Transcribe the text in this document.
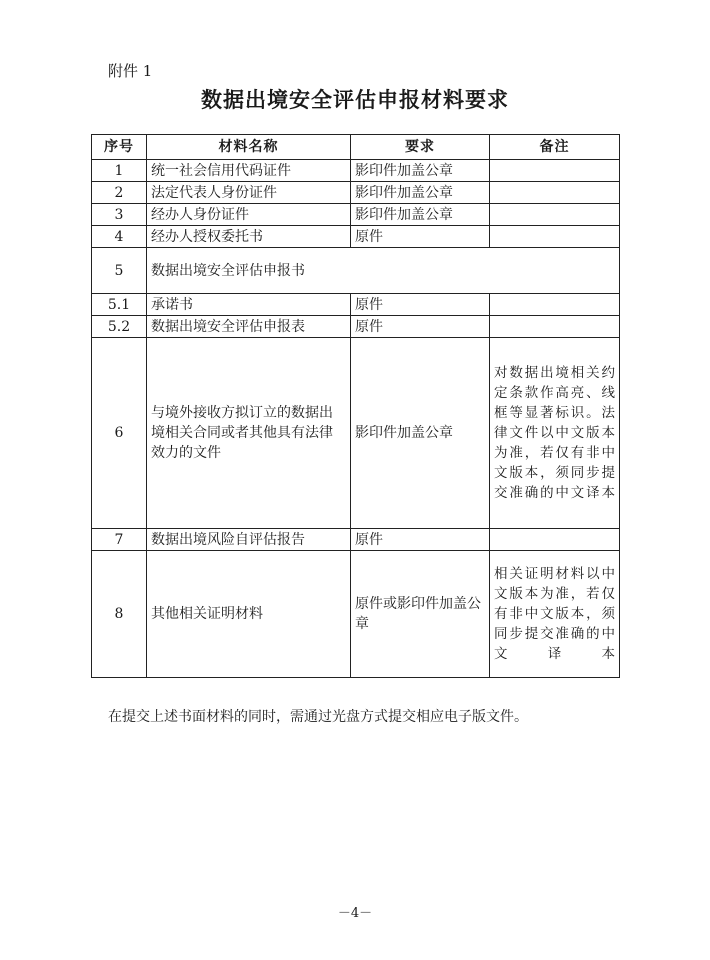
附件 1
数据出境安全评估申报材料要求
序号	材料名称	要求	备注
1	统一社会信用代码证件	影印件加盖公章	
2	法定代表人身份证件	影印件加盖公章	
3	经办人身份证件	影印件加盖公章	
4	经办人授权委托书	原件	
5	数据出境安全评估申报书		
5.1	承诺书	原件	
5.2	数据出境安全评估申报表	原件	
6	与境外接收方拟订立的数据出境相关合同或者其他具有法律效力的文件	影印件加盖公章	对数据出境相关约定条款作高亮、线框等显著标识。法律文件以中文版本为准，若仅有非中文版本，须同步提交准确的中文译本
7	数据出境风险自评估报告	原件	
8	其他相关证明材料	原件或影印件加盖公章	相关证明材料以中文版本为准，若仅有非中文版本，须同步提交准确的中文译本
在提交上述书面材料的同时，需通过光盘方式提交相应电子版文件。
－4－
